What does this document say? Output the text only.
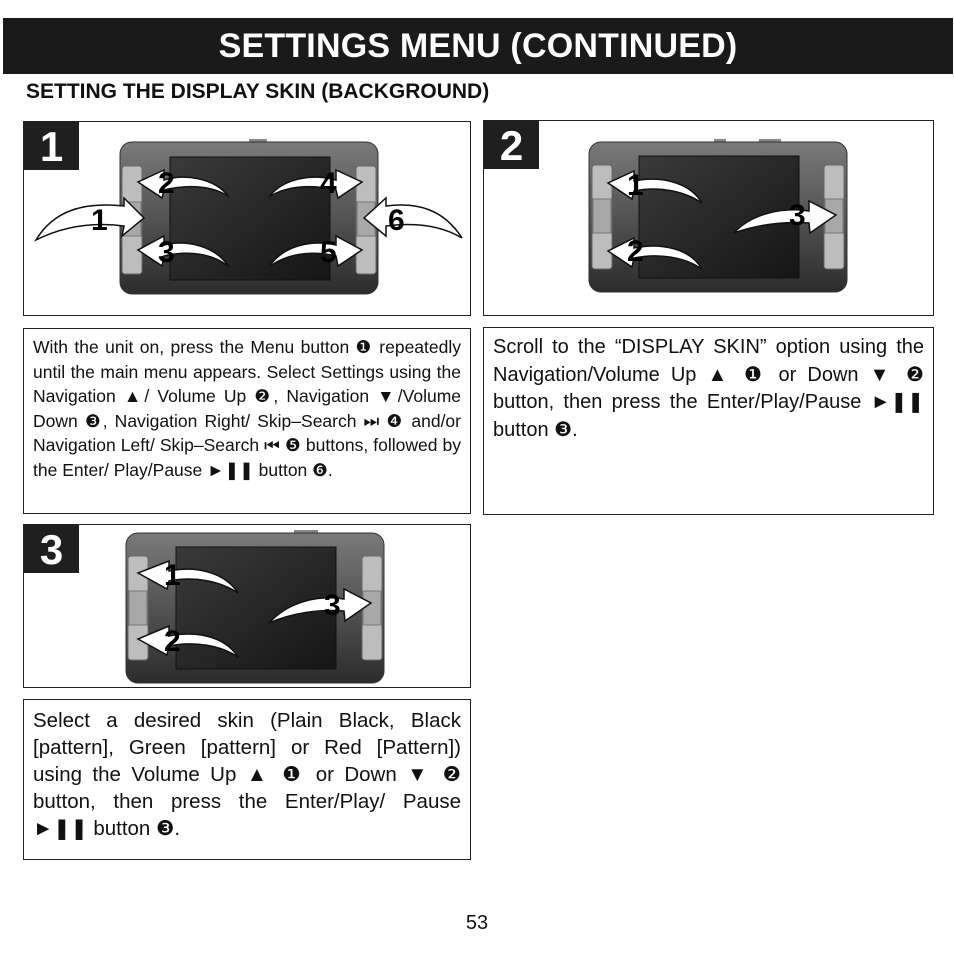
SETTINGS MENU (CONTINUED)
SETTING THE DISPLAY SKIN (BACKGROUND)
1
1
2
3
4
5
6
With the unit on, press the Menu button ❶ repeatedly until the main menu appears. Select Settings using the Navigation ▲/ Volume Up ❷, Navigation ▼/Volume Down ❸, Navigation Right/ Skip–Search ⏭ ❹ and/or Navigation Left/ Skip–Search ⏮ ❺ buttons, followed by the Enter/ Play/Pause ►❚❚ button ❻.
2
1
2
3
Scroll to the “DISPLAY SKIN” option using the Navigation/Volume Up ▲ ❶ or Down ▼ ❷ button, then press the Enter/Play/Pause ►❚❚ button ❸.
3
1
2
3
Select a desired skin (Plain Black, Black [pattern], Green [pattern] or Red [Pattern]) using the Volume Up ▲ ❶ or Down ▼ ❷ button, then press the Enter/Play/ Pause ►❚❚ button ❸.
53
